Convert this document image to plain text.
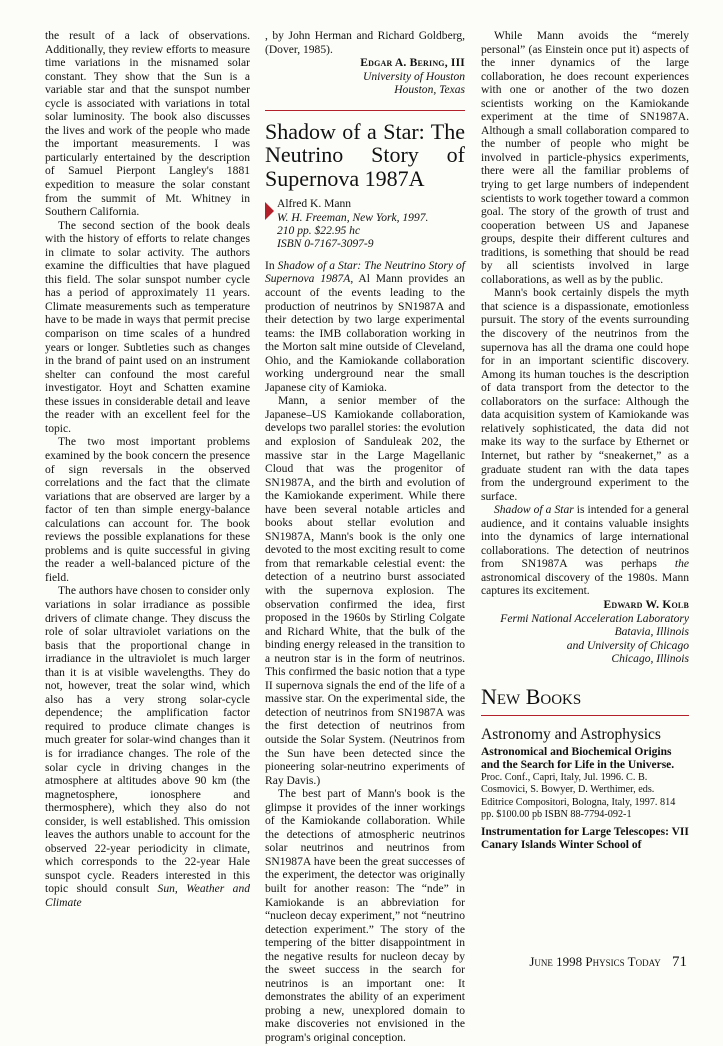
the result of a lack of observations. Additionally, they review efforts to measure time variations in the misnamed solar constant. They show that the Sun is a variable star and that the sunspot number cycle is associated with variations in total solar luminosity. The book also discusses the lives and work of the people who made the important measurements. I was particularly entertained by the description of Samuel Pierpont Langley's 1881 expedition to measure the solar constant from the summit of Mt. Whitney in Southern California.

The second section of the book deals with the history of efforts to relate changes in climate to solar activity. The authors examine the difficulties that have plagued this field. The solar sunspot number cycle has a period of approximately 11 years. Climate measurements such as temperature have to be made in ways that permit precise comparison on time scales of a hundred years or longer. Subtleties such as changes in the brand of paint used on an instrument shelter can confound the most careful investigator. Hoyt and Schatten examine these issues in considerable detail and leave the reader with an excellent feel for the topic.

The two most important problems examined by the book concern the presence of sign reversals in the observed correlations and the fact that the climate variations that are observed are larger by a factor of ten than simple energy-balance calculations can account for. The book reviews the possible explanations for these problems and is quite successful in giving the reader a well-balanced picture of the field.

The authors have chosen to consider only variations in solar irradiance as possible drivers of climate change. They discuss the role of solar ultraviolet variations on the basis that the proportional change in irradiance in the ultraviolet is much larger than it is at visible wavelengths. They do not, however, treat the solar wind, which also has a very strong solar-cycle dependence; the amplification factor required to produce climate changes is much greater for solar-wind changes than it is for irradiance changes. The role of the solar cycle in driving changes in the atmosphere at altitudes above 90 km (the magnetosphere, ionosphere and thermosphere), which they also do not consider, is well established. This omission leaves the authors unable to account for the observed 22-year periodicity in climate, which corresponds to the 22-year Hale sunspot cycle. Readers interested in this topic should consult Sun, Weather and Climate

, by John Herman and Richard Goldberg, (Dover, 1985).

Edgar A. Bering, III
University of Houston
Houston, Texas
Shadow of a Star: The Neutrino Story of Supernova 1987A
Alfred K. Mann
W. H. Freeman, New York, 1997.
210 pp. $22.95 hc
ISBN 0-7167-3097-9

In Shadow of a Star: The Neutrino Story of Supernova 1987A, Al Mann provides an account of the events leading to the production of neutrinos by SN1987A and their detection by two large experimental teams: the IMB collaboration working in the Morton salt mine outside of Cleveland, Ohio, and the Kamiokande collaboration working underground near the small Japanese city of Kamioka.

Mann, a senior member of the Japanese–US Kamiokande collaboration, develops two parallel stories: the evolution and explosion of Sanduleak 202, the massive star in the Large Magellanic Cloud that was the progenitor of SN1987A, and the birth and evolution of the Kamiokande experiment. While there have been several notable articles and books about stellar evolution and SN1987A, Mann's book is the only one devoted to the most exciting result to come from that remarkable celestial event: the detection of a neutrino burst associated with the supernova explosion. The observation confirmed the idea, first proposed in the 1960s by Stirling Colgate and Richard White, that the bulk of the binding energy released in the transition to a neutron star is in the form of neutrinos. This confirmed the basic notion that a type II supernova signals the end of the life of a massive star. On the experimental side, the detection of neutrinos from SN1987A was the first detection of neutrinos from outside the Solar System. (Neutrinos from the Sun have been detected since the pioneering solar-neutrino experiments of Ray Davis.)

The best part of Mann's book is the glimpse it provides of the inner workings of the Kamiokande collaboration. While the detections of atmospheric neutrinos solar neutrinos and neutrinos from SN1987A have been the great successes of the experiment, the detector was originally built for another reason: The “nde” in Kamiokande is an abbreviation for “nucleon decay experiment,” not “neutrino detection experiment.” The story of the tempering of the bitter disappointment in the negative results for nucleon decay by the sweet success in the search for neutrinos is an important one: It demonstrates the ability of an experiment probing a new, unexplored domain to make discoveries not envisioned in the program's original conception.

While Mann avoids the “merely personal” (as Einstein once put it) aspects of the inner dynamics of the large collaboration, he does recount experiences with one or another of the two dozen scientists working on the Kamiokande experiment at the time of SN1987A. Although a small collaboration compared to the number of people who might be involved in particle-physics experiments, there were all the familiar problems of trying to get large numbers of independent scientists to work together toward a common goal. The story of the growth of trust and cooperation between US and Japanese groups, despite their different cultures and traditions, is something that should be read by all scientists involved in large collaborations, as well as by the public.

Mann's book certainly dispels the myth that science is a dispassionate, emotionless pursuit. The story of the events surrounding the discovery of the neutrinos from the supernova has all the drama one could hope for in an important scientific discovery. Among its human touches is the description of data transport from the detector to the collaborators on the surface: Although the data acquisition system of Kamiokande was relatively sophisticated, the data did not make its way to the surface by Ethernet or Internet, but rather by “sneakernet,” as a graduate student ran with the data tapes from the underground experiment to the surface.

Shadow of a Star is intended for a general audience, and it contains valuable insights into the dynamics of large international collaborations. The detection of neutrinos from SN1987A was perhaps the astronomical discovery of the 1980s. Mann captures its excitement.

Edward W. Kolb
Fermi National Acceleration Laboratory
Batavia, Illinois
and University of Chicago
Chicago, Illinois
New Books
Astronomy and Astrophysics
Astronomical and Biochemical Origins and the Search for Life in the Universe.
Proc. Conf., Capri, Italy, Jul. 1996. C. B. Cosmovici, S. Bowyer, D. Werthimer, eds. Editrice Compositori, Bologna, Italy, 1997. 814 pp. $100.00 pb ISBN 88-7794-092-1
Instrumentation for Large Telescopes: VII Canary Islands Winter School of
June 1998 Physics Today 71
